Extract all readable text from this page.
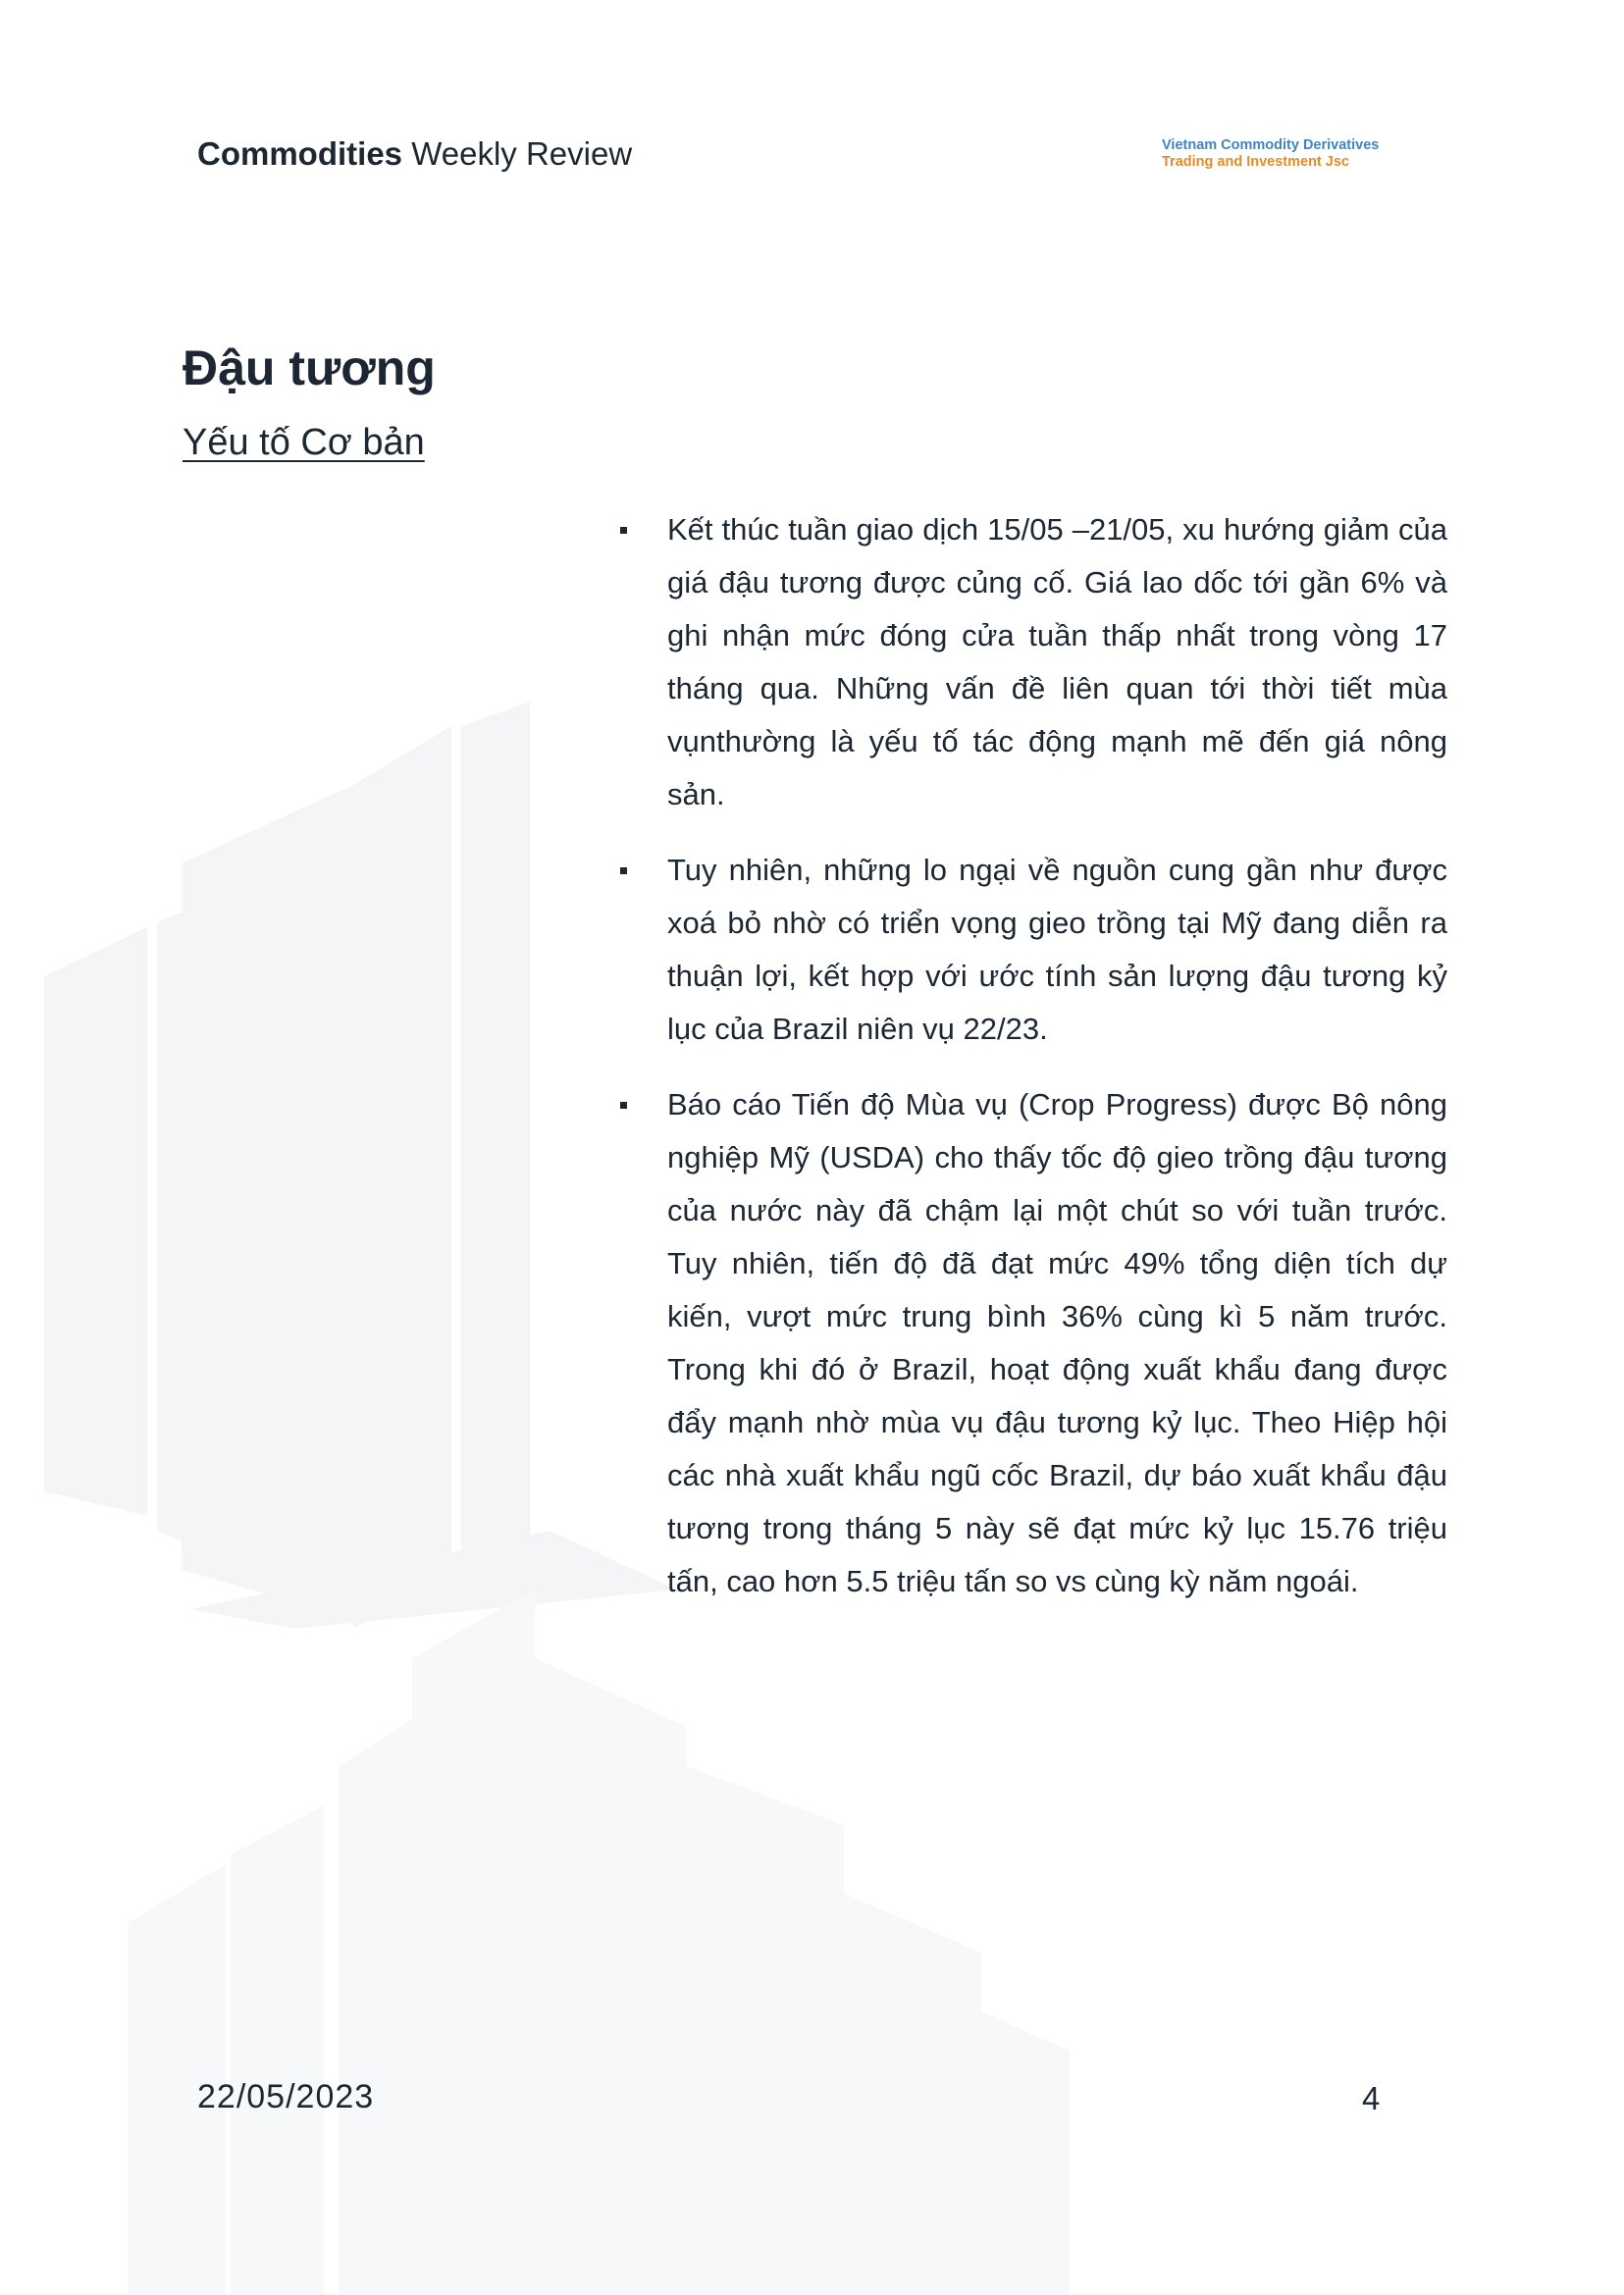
Commodities Weekly Review	Vietnam Commodity Derivatives
Trading and Investment Jsc
Đậu tương
Yếu tố Cơ bản
Kết thúc tuần giao dịch 15/05 –21/05, xu hướng giảm của giá đậu tương được củng cố. Giá lao dốc tới gần 6% và ghi nhận mức đóng cửa tuần thấp nhất trong vòng 17 tháng qua. Những vấn đề liên quan tới thời tiết mùa vụnthường là yếu tố tác động mạnh mẽ đến giá nông sản.
Tuy nhiên, những lo ngại về nguồn cung gần như được xoá bỏ nhờ có triển vọng gieo trồng tại Mỹ đang diễn ra thuận lợi, kết hợp với ước tính sản lượng đậu tương kỷ lục của Brazil niên vụ 22/23.
Báo cáo Tiến độ Mùa vụ (Crop Progress) được Bộ nông nghiệp Mỹ (USDA) cho thấy tốc độ gieo trồng đậu tương của nước này đã chậm lại một chút so với tuần trước. Tuy nhiên, tiến độ đã đạt mức 49% tổng diện tích dự kiến, vượt mức trung bình 36% cùng kì 5 năm trước. Trong khi đó ở Brazil, hoạt động xuất khẩu đang được đẩy mạnh nhờ mùa vụ đậu tương kỷ lục. Theo Hiệp hội các nhà xuất khẩu ngũ cốc Brazil, dự báo xuất khẩu đậu tương trong tháng 5 này sẽ đạt mức kỷ lục 15.76 triệu tấn, cao hơn 5.5 triệu tấn so vs cùng kỳ năm ngoái.
22/05/2023	4
